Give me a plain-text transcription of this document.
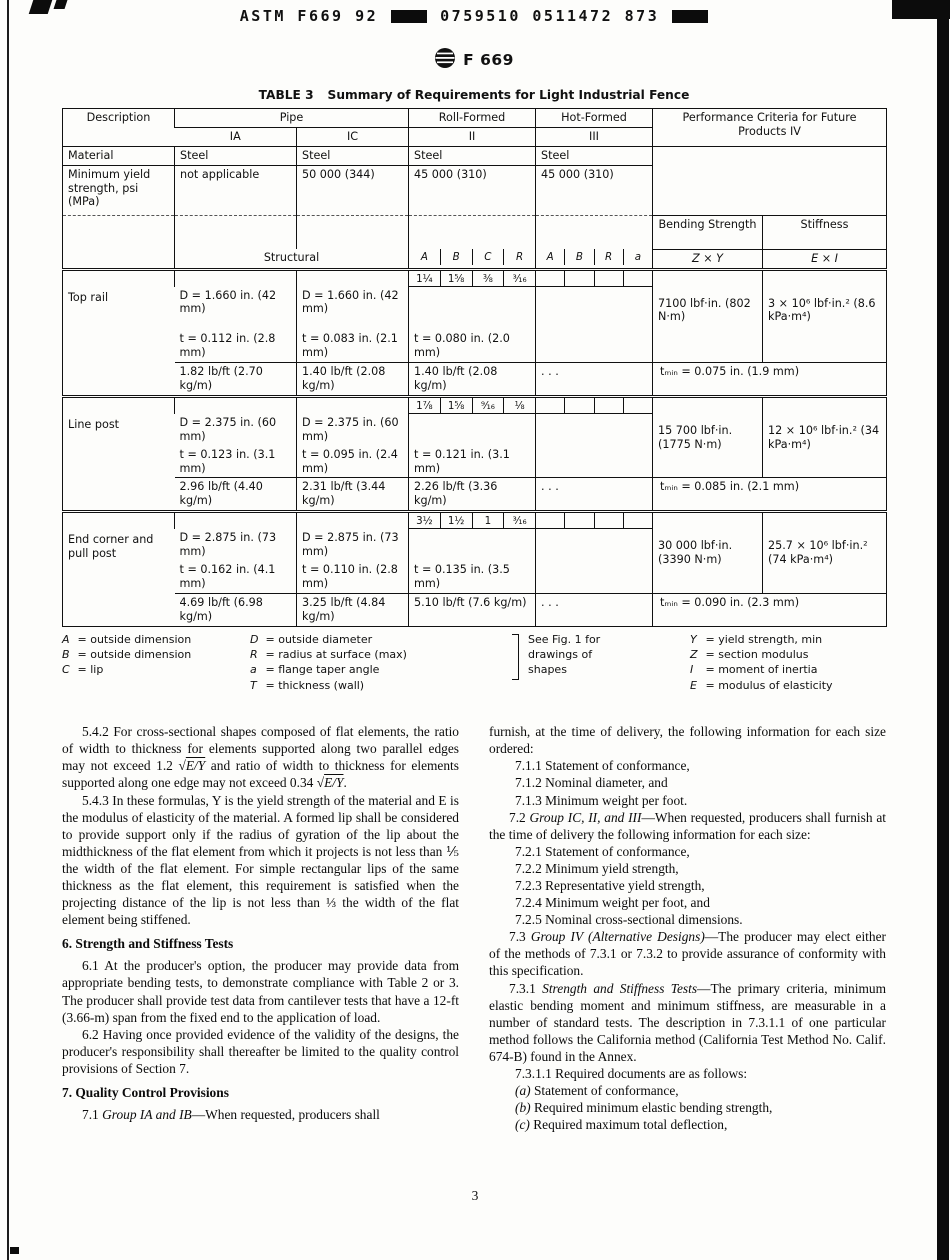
ASTM F669 92	0759510 0511472 873
F 669
TABLE 3 Summary of Requirements for Light Industrial Fence
Description	Pipe		Roll-Formed	Hot-Formed	Performance Criteria for Future Products IV	
	IA	IC	II	III		
Material	Steel	Steel	Steel	Steel		
Minimum yield strength, psi (MPa)	not applicable	50 000 (344)	45 000 (310)	45 000 (310)		
					Bending Strength	Stiffness
	Structural		A B C R	A B R a	Z × Y	E × I
Top rail			1¼ 1⅝ ⅜ ³⁄₁₆		7100 lbf·in. (802 N·m)	3 × 10⁶ lbf·in.² (8.6 kPa·m⁴)

	D = 1.660 in. (42 mm)	D = 1.660 in. (42 mm)				
	t = 0.112 in. (2.8 mm)	t = 0.083 in. (2.1 mm)	t = 0.080 in. (2.0 mm)			
	1.82 lb/ft (2.70 kg/m)	1.40 lb/ft (2.08 kg/m)	1.40 lb/ft (2.08 kg/m)	. . .	tₘᵢₙ = 0.075 in. (1.9 mm)	
Line post			1⅞ 1⅝ ⁹⁄₁₆ ⅛		15 700 lbf·in. (1775 N·m)	12 × 10⁶ lbf·in.² (34 kPa·m⁴)

	D = 2.375 in. (60 mm)	D = 2.375 in. (60 mm)				
	t = 0.123 in. (3.1 mm)	t = 0.095 in. (2.4 mm)	t = 0.121 in. (3.1 mm)			
	2.96 lb/ft (4.40 kg/m)	2.31 lb/ft (3.44 kg/m)	2.26 lb/ft (3.36 kg/m)	. . .	tₘᵢₙ = 0.085 in. (2.1 mm)	
End corner and pull post			3½ 1½ 1 ³⁄₁₆		30 000 lbf·in. (3390 N·m)	25.7 × 10⁶ lbf·in.² (74 kPa·m⁴)

	D = 2.875 in. (73 mm)	D = 2.875 in. (73 mm)				
	t = 0.162 in. (4.1 mm)	t = 0.110 in. (2.8 mm)	t = 0.135 in. (3.5 mm)			
	4.69 lb/ft (6.98 kg/m)	3.25 lb/ft (4.84 kg/m)	5.10 lb/ft (7.6 kg/m)	. . .	tₘᵢₙ = 0.090 in. (2.3 mm)	
A = outside dimension
B = outside dimension
C = lip
D = outside diameter
R = radius at surface (max)
a = flange taper angle
T = thickness (wall)
See Fig. 1 for drawings of shapes
Y = yield strength, min
Z = section modulus
I = moment of inertia
E = modulus of elasticity

5.4.2 For cross-sectional shapes composed of flat elements, the ratio of width to thickness for elements supported along two parallel edges may not exceed 1.2 √E/Y and ratio of width to thickness for elements supported along one edge may not exceed 0.34 √E/Y.

5.4.3 In these formulas, Y is the yield strength of the material and E is the modulus of elasticity of the material. A formed lip shall be considered to provide support only if the radius of gyration of the lip about the midthickness of the flat element from which it projects is not less than ⅕ the width of the flat element. For simple rectangular lips of the same thickness as the flat element, this requirement is satisfied when the projecting distance of the lip is not less than ⅓ the width of the flat element being stiffened.

6. Strength and Stiffness Tests

6.1 At the producer's option, the producer may provide data from appropriate bending tests, to demonstrate compliance with Table 2 or 3. The producer shall provide test data from cantilever tests that have a 12-ft (3.66-m) span from the fixed end to the application of load.

6.2 Having once provided evidence of the validity of the designs, the producer's responsibility shall thereafter be limited to the quality control provisions of Section 7.

7. Quality Control Provisions

7.1 Group IA and IB—When requested, producers shall

furnish, at the time of delivery, the following information for each size ordered:

7.1.1 Statement of conformance,

7.1.2 Nominal diameter, and

7.1.3 Minimum weight per foot.

7.2 Group IC, II, and III—When requested, producers shall furnish at the time of delivery the following information for each size:

7.2.1 Statement of conformance,

7.2.2 Minimum yield strength,

7.2.3 Representative yield strength,

7.2.4 Minimum weight per foot, and

7.2.5 Nominal cross-sectional dimensions.

7.3 Group IV (Alternative Designs)—The producer may elect either of the methods of 7.3.1 or 7.3.2 to provide assurance of conformity with this specification.

7.3.1 Strength and Stiffness Tests—The primary criteria, minimum elastic bending moment and minimum stiffness, are measurable in a number of standard tests. The description in 7.3.1.1 of one particular method follows the California method (California Test Method No. Calif. 674-B) found in the Annex.

7.3.1.1 Required documents are as follows:

(a) Statement of conformance,

(b) Required minimum elastic bending strength,

(c) Required maximum total deflection,

3
